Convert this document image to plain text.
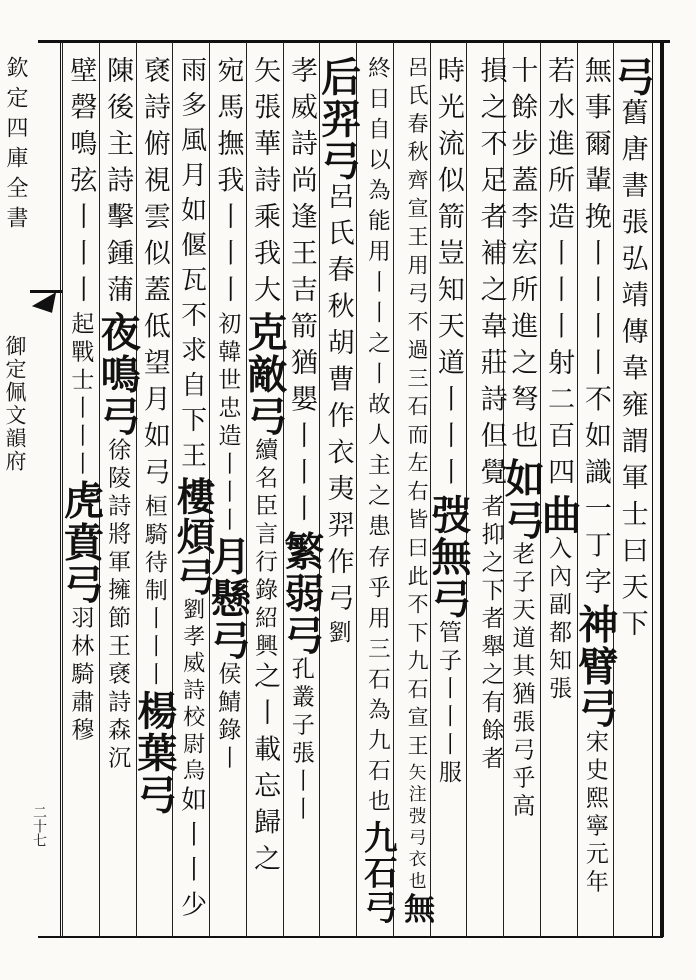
欽定四庫全書
御定佩文韻府
二十七
弓舊唐書張弘靖傳韋雍謂軍士曰天下
無事爾輩挽丨丨丨丨不如識一丁字神臂弓宋史熙寧元年
若水進所造丨丨丨射二百四曲入內副都知張
十餘步蓋李宏所進之弩也如弓老子天道其猶張弓乎高
損之不足者補之韋莊詩但覺者抑之下者舉之有餘者
時光流似箭豈知天道丨丨丨弢無弓管子丨丨丨服
呂氏春秋齊宣王用弓不過三石而左右皆曰此不下九石宣王矢注弢弓衣也無
終日自以為能用丨丨之丨故人主之患存乎用三石為九石也九石弓
后羿弓呂氏春秋胡曹作衣夷羿作弓劉
孝威詩尚逢王吉箭猶嬰丨丨丨繁弱弓孔叢子張丨丨
矢張華詩乘我大克敵弓續名臣言行錄紹興之丨載忘歸之
宛馬撫我丨丨丨初韓世忠造丨丨丨月懸弓侯鯖錄丨
雨多風月如偃瓦不求自下王樓煩弓劉孝威詩校尉烏如丨丨少
褎詩俯視雲似蓋低望月如弓桓騎待制丨丨丨楊葉弓
陳後主詩擊鍾蒲夜鳴弓徐陵詩將軍擁節王褎詩森沉
壁磬鳴弦丨丨丨起戰士丨丨丨虎賁弓羽林騎肅穆
